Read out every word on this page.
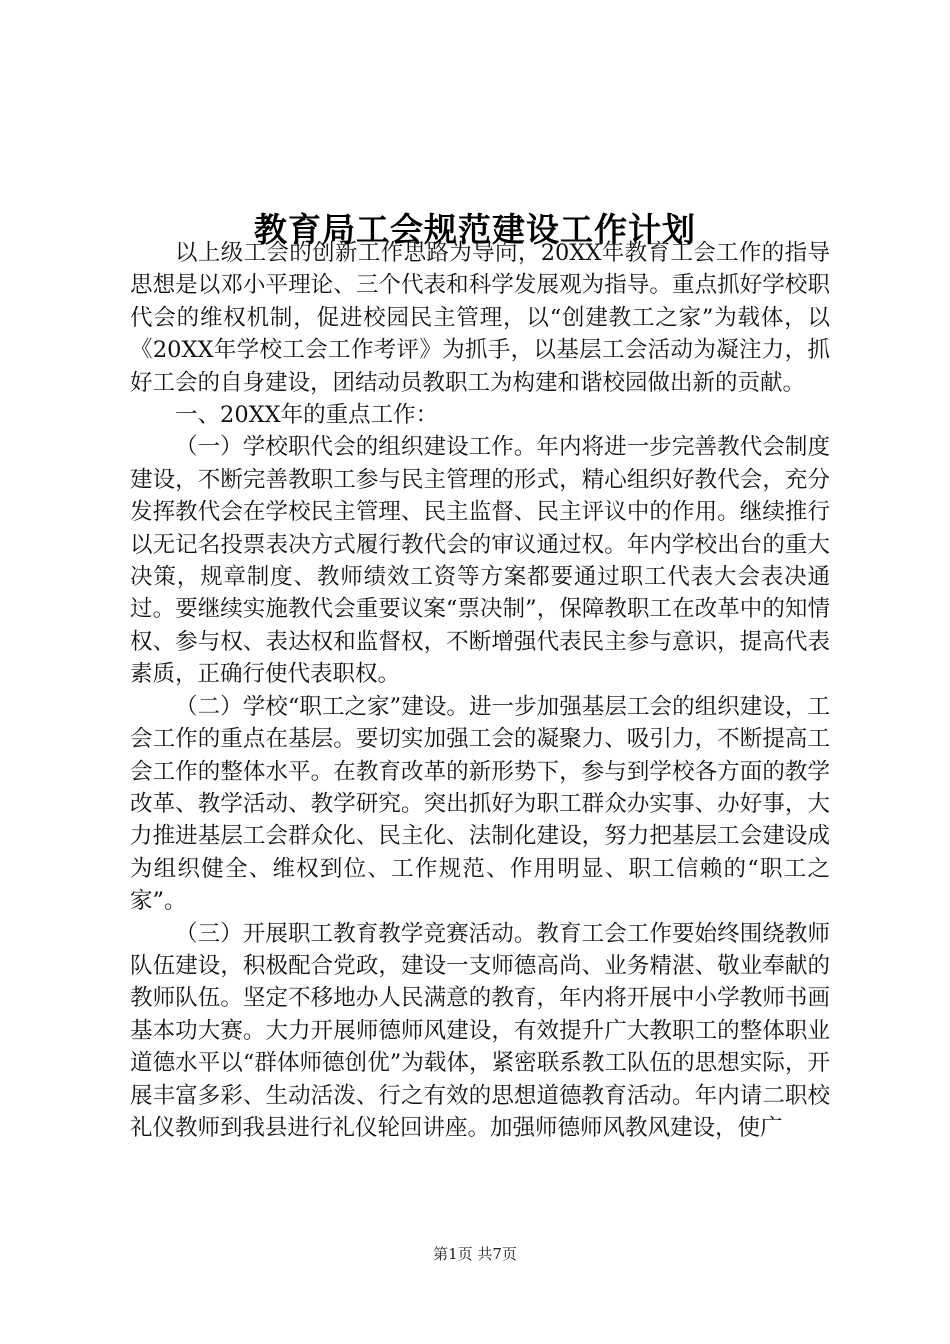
教育局工会规范建设工作计划

以上级工会的创新工作思路为导向，20XX年教育工会工作的指导思想是以邓小平理论、三个代表和科学发展观为指导。重点抓好学校职代会的维权机制，促进校园民主管理，以“创建教工之家”为载体，以《20XX年学校工会工作考评》为抓手，以基层工会活动为凝注力，抓好工会的自身建设，团结动员教职工为构建和谐校园做出新的贡献。

一、20XX年的重点工作：

（一）学校职代会的组织建设工作。年内将进一步完善教代会制度建设，不断完善教职工参与民主管理的形式，精心组织好教代会，充分发挥教代会在学校民主管理、民主监督、民主评议中的作用。继续推行以无记名投票表决方式履行教代会的审议通过权。年内学校出台的重大决策，规章制度、教师绩效工资等方案都要通过职工代表大会表决通过。要继续实施教代会重要议案“票决制”，保障教职工在改革中的知情权、参与权、表达权和监督权，不断增强代表民主参与意识，提高代表素质，正确行使代表职权。

（二）学校“职工之家”建设。进一步加强基层工会的组织建设，工会工作的重点在基层。要切实加强工会的凝聚力、吸引力，不断提高工会工作的整体水平。在教育改革的新形势下，参与到学校各方面的教学改革、教学活动、教学研究。突出抓好为职工群众办实事、办好事，大力推进基层工会群众化、民主化、法制化建设，努力把基层工会建设成为组织健全、维权到位、工作规范、作用明显、职工信赖的“职工之家”。

（三）开展职工教育教学竞赛活动。教育工会工作要始终围绕教师队伍建设，积极配合党政，建设一支师德高尚、业务精湛、敬业奉献的教师队伍。坚定不移地办人民满意的教育，年内将开展中小学教师书画基本功大赛。大力开展师德师风建设，有效提升广大教职工的整体职业道德水平以“群体师德创优”为载体，紧密联系教工队伍的思想实际，开展丰富多彩、生动活泼、行之有效的思想道德教育活动。年内请二职校礼仪教师到我县进行礼仪轮回讲座。加强师德师风教风建设，使广

第1页 共7页
